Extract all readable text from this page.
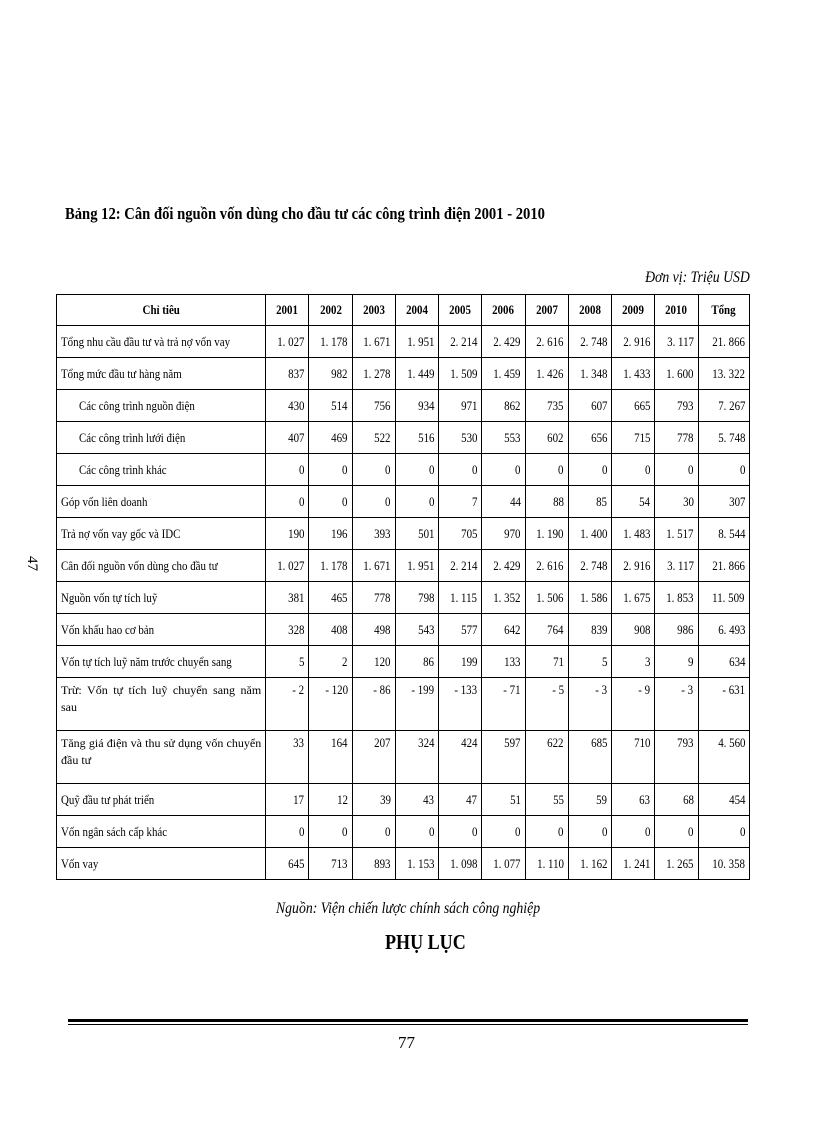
Bảng 12: Cân đối nguồn vốn dùng cho đầu tư các công trình điện 2001 - 2010
Đơn vị: Triệu USD
47
Chỉ tiêu	2001	2002	2003	2004	2005	2006	2007	2008	2009	2010	Tổng
Tổng nhu cầu đầu tư và trả nợ vốn vay	1. 027	1. 178	1. 671	1. 951	2. 214	2. 429	2. 616	2. 748	2. 916	3. 117	21. 866
Tổng mức đầu tư hàng năm	837	982	1. 278	1. 449	1. 509	1. 459	1. 426	1. 348	1. 433	1. 600	13. 322
Các công trình nguồn điện	430	514	756	934	971	862	735	607	665	793	7. 267
Các công trình lưới điện	407	469	522	516	530	553	602	656	715	778	5. 748
Các công trình khác	0	0	0	0	0	0	0	0	0	0	0
Góp vốn liên doanh	0	0	0	0	7	44	88	85	54	30	307
Trả nợ vốn vay gốc và IDC	190	196	393	501	705	970	1. 190	1. 400	1. 483	1. 517	8. 544
Cân đối nguồn vốn dùng cho đầu tư	1. 027	1. 178	1. 671	1. 951	2. 214	2. 429	2. 616	2. 748	2. 916	3. 117	21. 866
Nguồn vốn tự tích luỹ	381	465	778	798	1. 115	1. 352	1. 506	1. 586	1. 675	1. 853	11. 509
Vốn khấu hao cơ bản	328	408	498	543	577	642	764	839	908	986	6. 493
Vốn tự tích luỹ năm trước chuyển sang	5	2	120	86	199	133	71	5	3	9	634
Trừ: Vốn tự tích luỹ chuyển sang năm sau	- 2	- 120	- 86	- 199	- 133	- 71	- 5	- 3	- 9	- 3	- 631
Tăng giá điện và thu sử dụng vốn chuyển đầu tư	33	164	207	324	424	597	622	685	710	793	4. 560
Quỹ đầu tư phát triển	17	12	39	43	47	51	55	59	63	68	454
Vốn ngân sách cấp khác	0	0	0	0	0	0	0	0	0	0	0
Vốn vay	645	713	893	1. 153	1. 098	1. 077	1. 110	1. 162	1. 241	1. 265	10. 358
Nguồn: Viện chiến lược chính sách công nghiệp
PHỤ LỤC
77
